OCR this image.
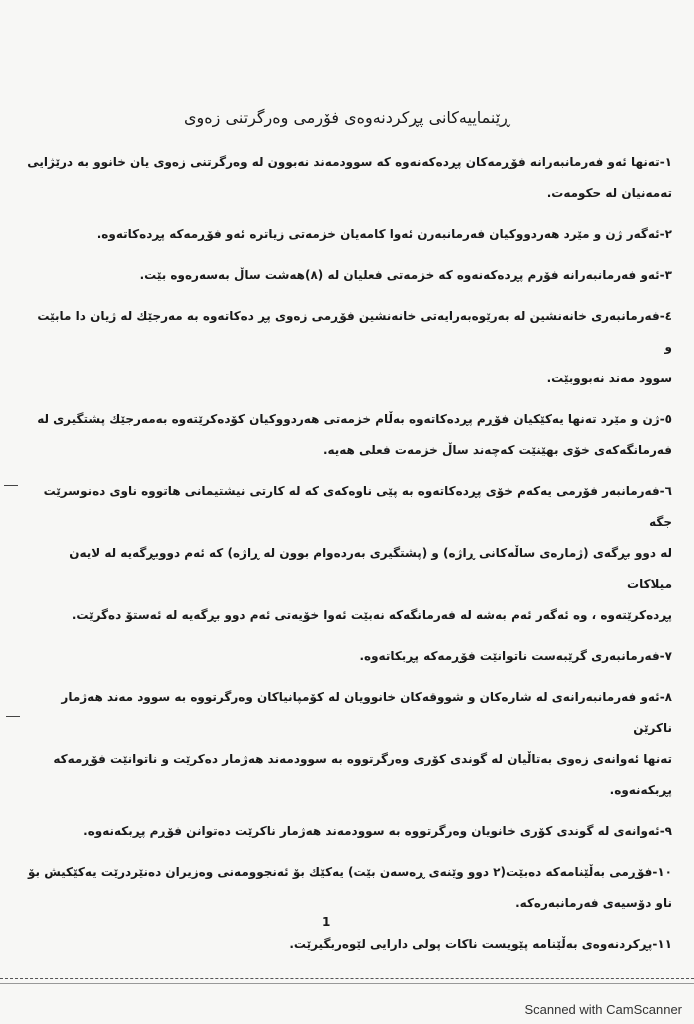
ڕێنماییەكانی پڕكردنەوەی فۆرمی وەرگرتنی زەوی
١-تەنها ئەو فەرمانبەرانە فۆڕمەكان پڕدەكەنەوە كە سوودمەند نەبوون لە وەرگرتنی زەوی یان خانوو بە درێژایی
تەمەنیان لە حكومەت.
٢-ئەگەر ژن و مێرد هەردووكیان فەرمانبەرن ئەوا كامەیان خزمەتی زیاترە ئەو فۆڕمەكە پڕدەكاتەوە.
٣-ئەو فەرمانبەرانە فۆرم پڕدەكەنەوە كە خزمەتی فعلیان لە (٨)هەشت ساڵ بەسەرەوە بێت.
٤-فەرمانبەری خانەنشین لە بەرێوەبەرایەتی خانەنشین فۆڕمی زەوی پڕ دەكاتەوە بە مەرجێك لە ژیان دا مابێت و
سوود مەند نەبووبێت.
٥-ژن و مێرد تەنها یەكێكیان فۆڕم پڕدەكاتەوە بەڵام خزمەتی هەردووكیان كۆدەكرێتەوە بەمەرجێك پشتگیری لە
فەرمانگەكەی خۆی بهێنێت كەچەند ساڵ خزمەت فعلی هەیە.
٦-فەرمانبەر فۆرمی یەكەم خۆی پڕدەكاتەوە بە پێی ناوەكەی كە لە كارتی نیشتیمانی هاتووە ناوی دەنوسرێت جگە
لە دوو بڕگەی (ژمارەی ساڵەكانی ڕاژە) و (پشتگیری بەردەوام بوون لە ڕاژە) كە ئەم دووبڕگەیە لە لایەن میلاكات
پڕدەكرێتەوە ، وە ئەگەر ئەم بەشە لە فەرمانگەكە نەبێت ئەوا خۆیەتی ئەم دوو بڕگەیە لە ئەستۆ دەگرێت.
٧-فەرمانبەری گرێبەست ناتوانێت فۆڕمەكە پڕبكاتەوە.
٨-ئەو فەرمانبەرانەی لە شارەكان و شووقەكان خانوویان لە كۆمپانیاكان وەرگرتووە بە سوود مەند هەژمار ناكرێن
تەنها ئەوانەی زەوی بەتاڵیان لە گوندی كۆری وەرگرتووە بە سوودمەند هەژمار دەكرێت و ناتوانێت فۆڕمەكە
پڕبكەنەوە.
٩-ئەوانەی لە گوندی كۆری خانویان وەرگرتووە بە سوودمەند هەژمار ناكرێت دەتوانن فۆڕم پڕبكەنەوە.
١٠-فۆڕمی بەڵێنامەكە دەبێت(٢ دوو وێنەی ڕەسەن بێت) یەكێك بۆ ئەنجوومەنی وەزیران دەنێردرێت یەكێكیش بۆ
ناو دۆسیەی فەرمانبەرەكە.
١١-پڕكردنەوەی بەڵێنامە پێویست ناكات پولی دارایی لێوەربگیرێت.
1
Scanned with CamScanner
